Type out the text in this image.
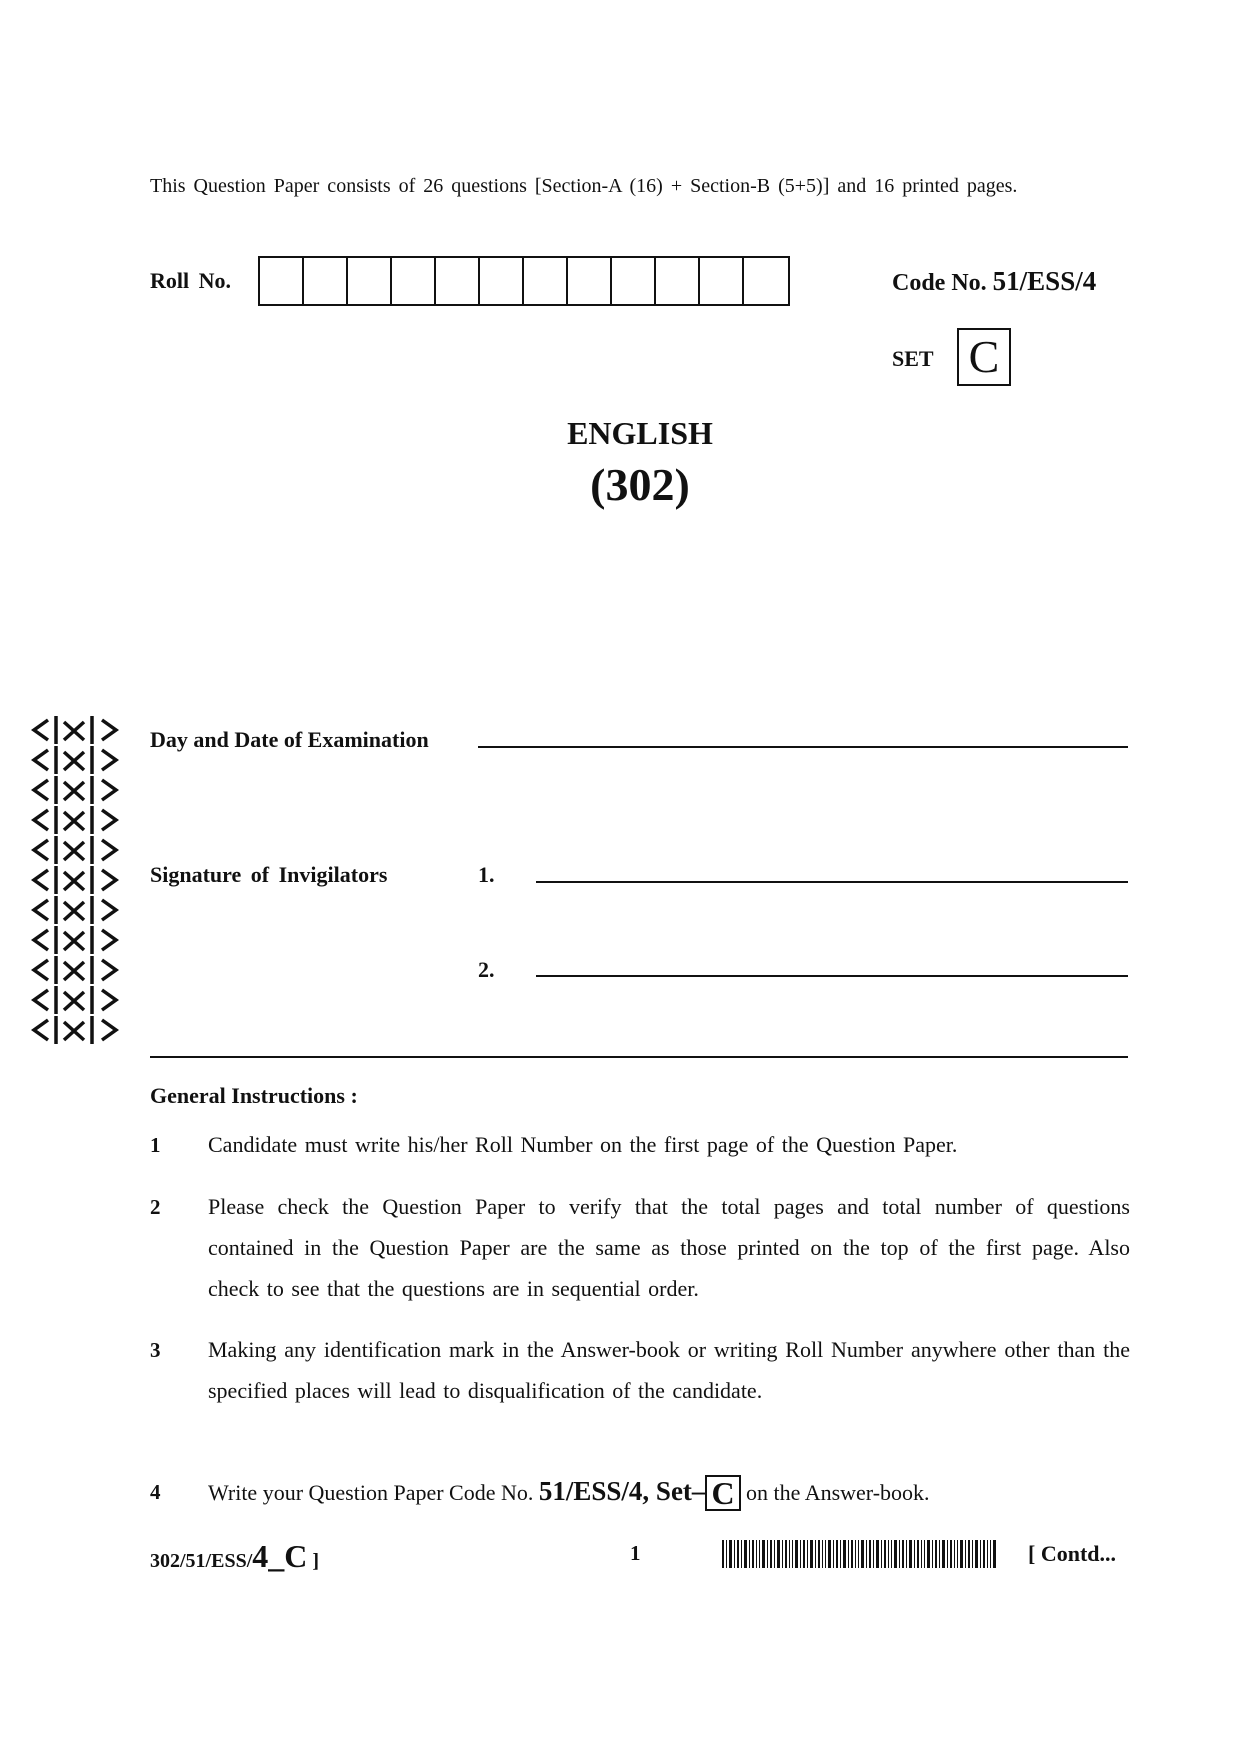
This Question Paper consists of 26 questions [Section-A (16) + Section-B (5+5)] and 16 printed pages.
Roll No.	Code No. 51/ESS/4
SET C
ENGLISH
(302)
Day and Date of Examination
Signature of Invigilators	1.
2.
General Instructions :
1 Candidate must write his/her Roll Number on the first page of the Question Paper.
2 Please check the Question Paper to verify that the total pages and total number of questions contained in the Question Paper are the same as those printed on the top of the first page. Also check to see that the questions are in sequential order.
3 Making any identification mark in the Answer-book or writing Roll Number anywhere other than the specified places will lead to disqualification of the candidate.
4 Write your Question Paper Code No. 51/ESS/4, Set– C on the Answer-book.
302/51/ESS/4_C ]	1	[ Contd...
